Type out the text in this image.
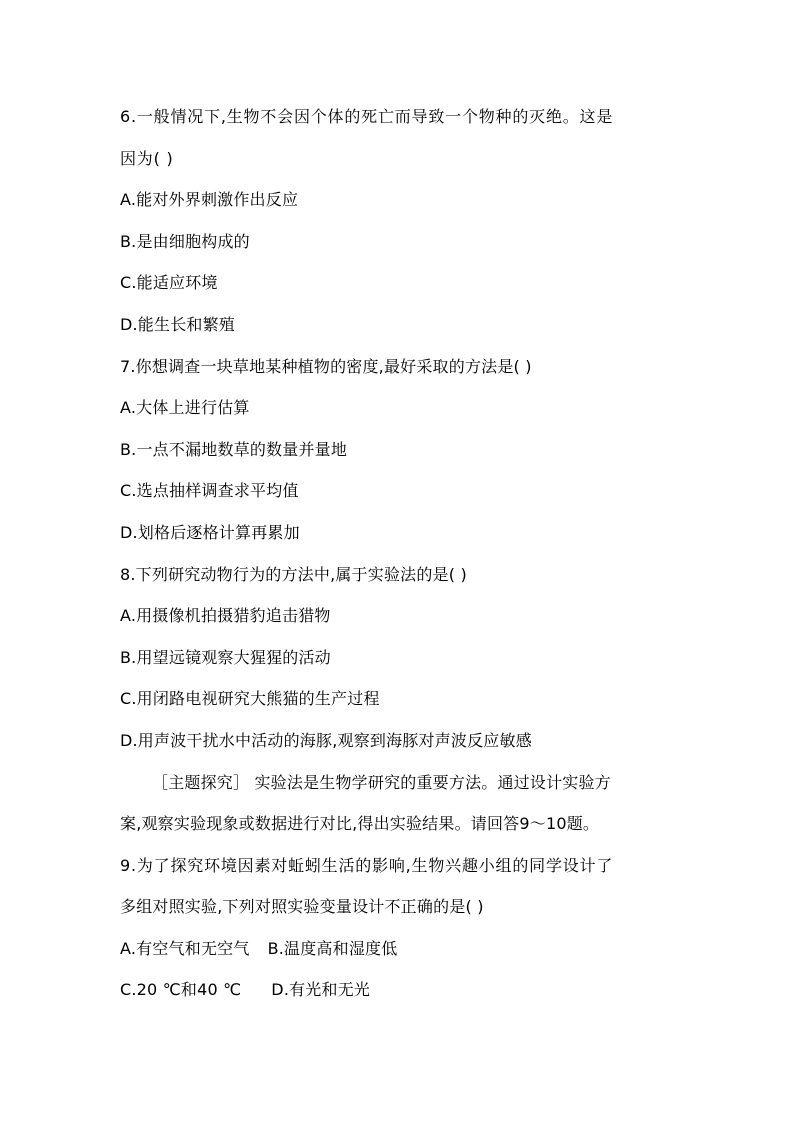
6.一般情况下,生物不会因个体的死亡而导致一个物种的灭绝。这是
因为( )
A.能对外界刺激作出反应
B.是由细胞构成的
C.能适应环境
D.能生长和繁殖
7.你想调查一块草地某种植物的密度,最好采取的方法是( )
A.大体上进行估算
B.一点不漏地数草的数量并量地
C.选点抽样调查求平均值
D.划格后逐格计算再累加
8.下列研究动物行为的方法中,属于实验法的是( )
A.用摄像机拍摄猎豹追击猎物
B.用望远镜观察大猩猩的活动
C.用闭路电视研究大熊猫的生产过程
D.用声波干扰水中活动的海豚,观察到海豚对声波反应敏感
［主题探究］ 实验法是生物学研究的重要方法。通过设计实验方
案,观察实验现象或数据进行对比,得出实验结果。请回答9～10题。
9.为了探究环境因素对蚯蚓生活的影响,生物兴趣小组的同学设计了
多组对照实验,下列对照实验变量设计不正确的是( )
A.有空气和无空气 B.温度高和湿度低
C.20 ℃和40 ℃ D.有光和无光
